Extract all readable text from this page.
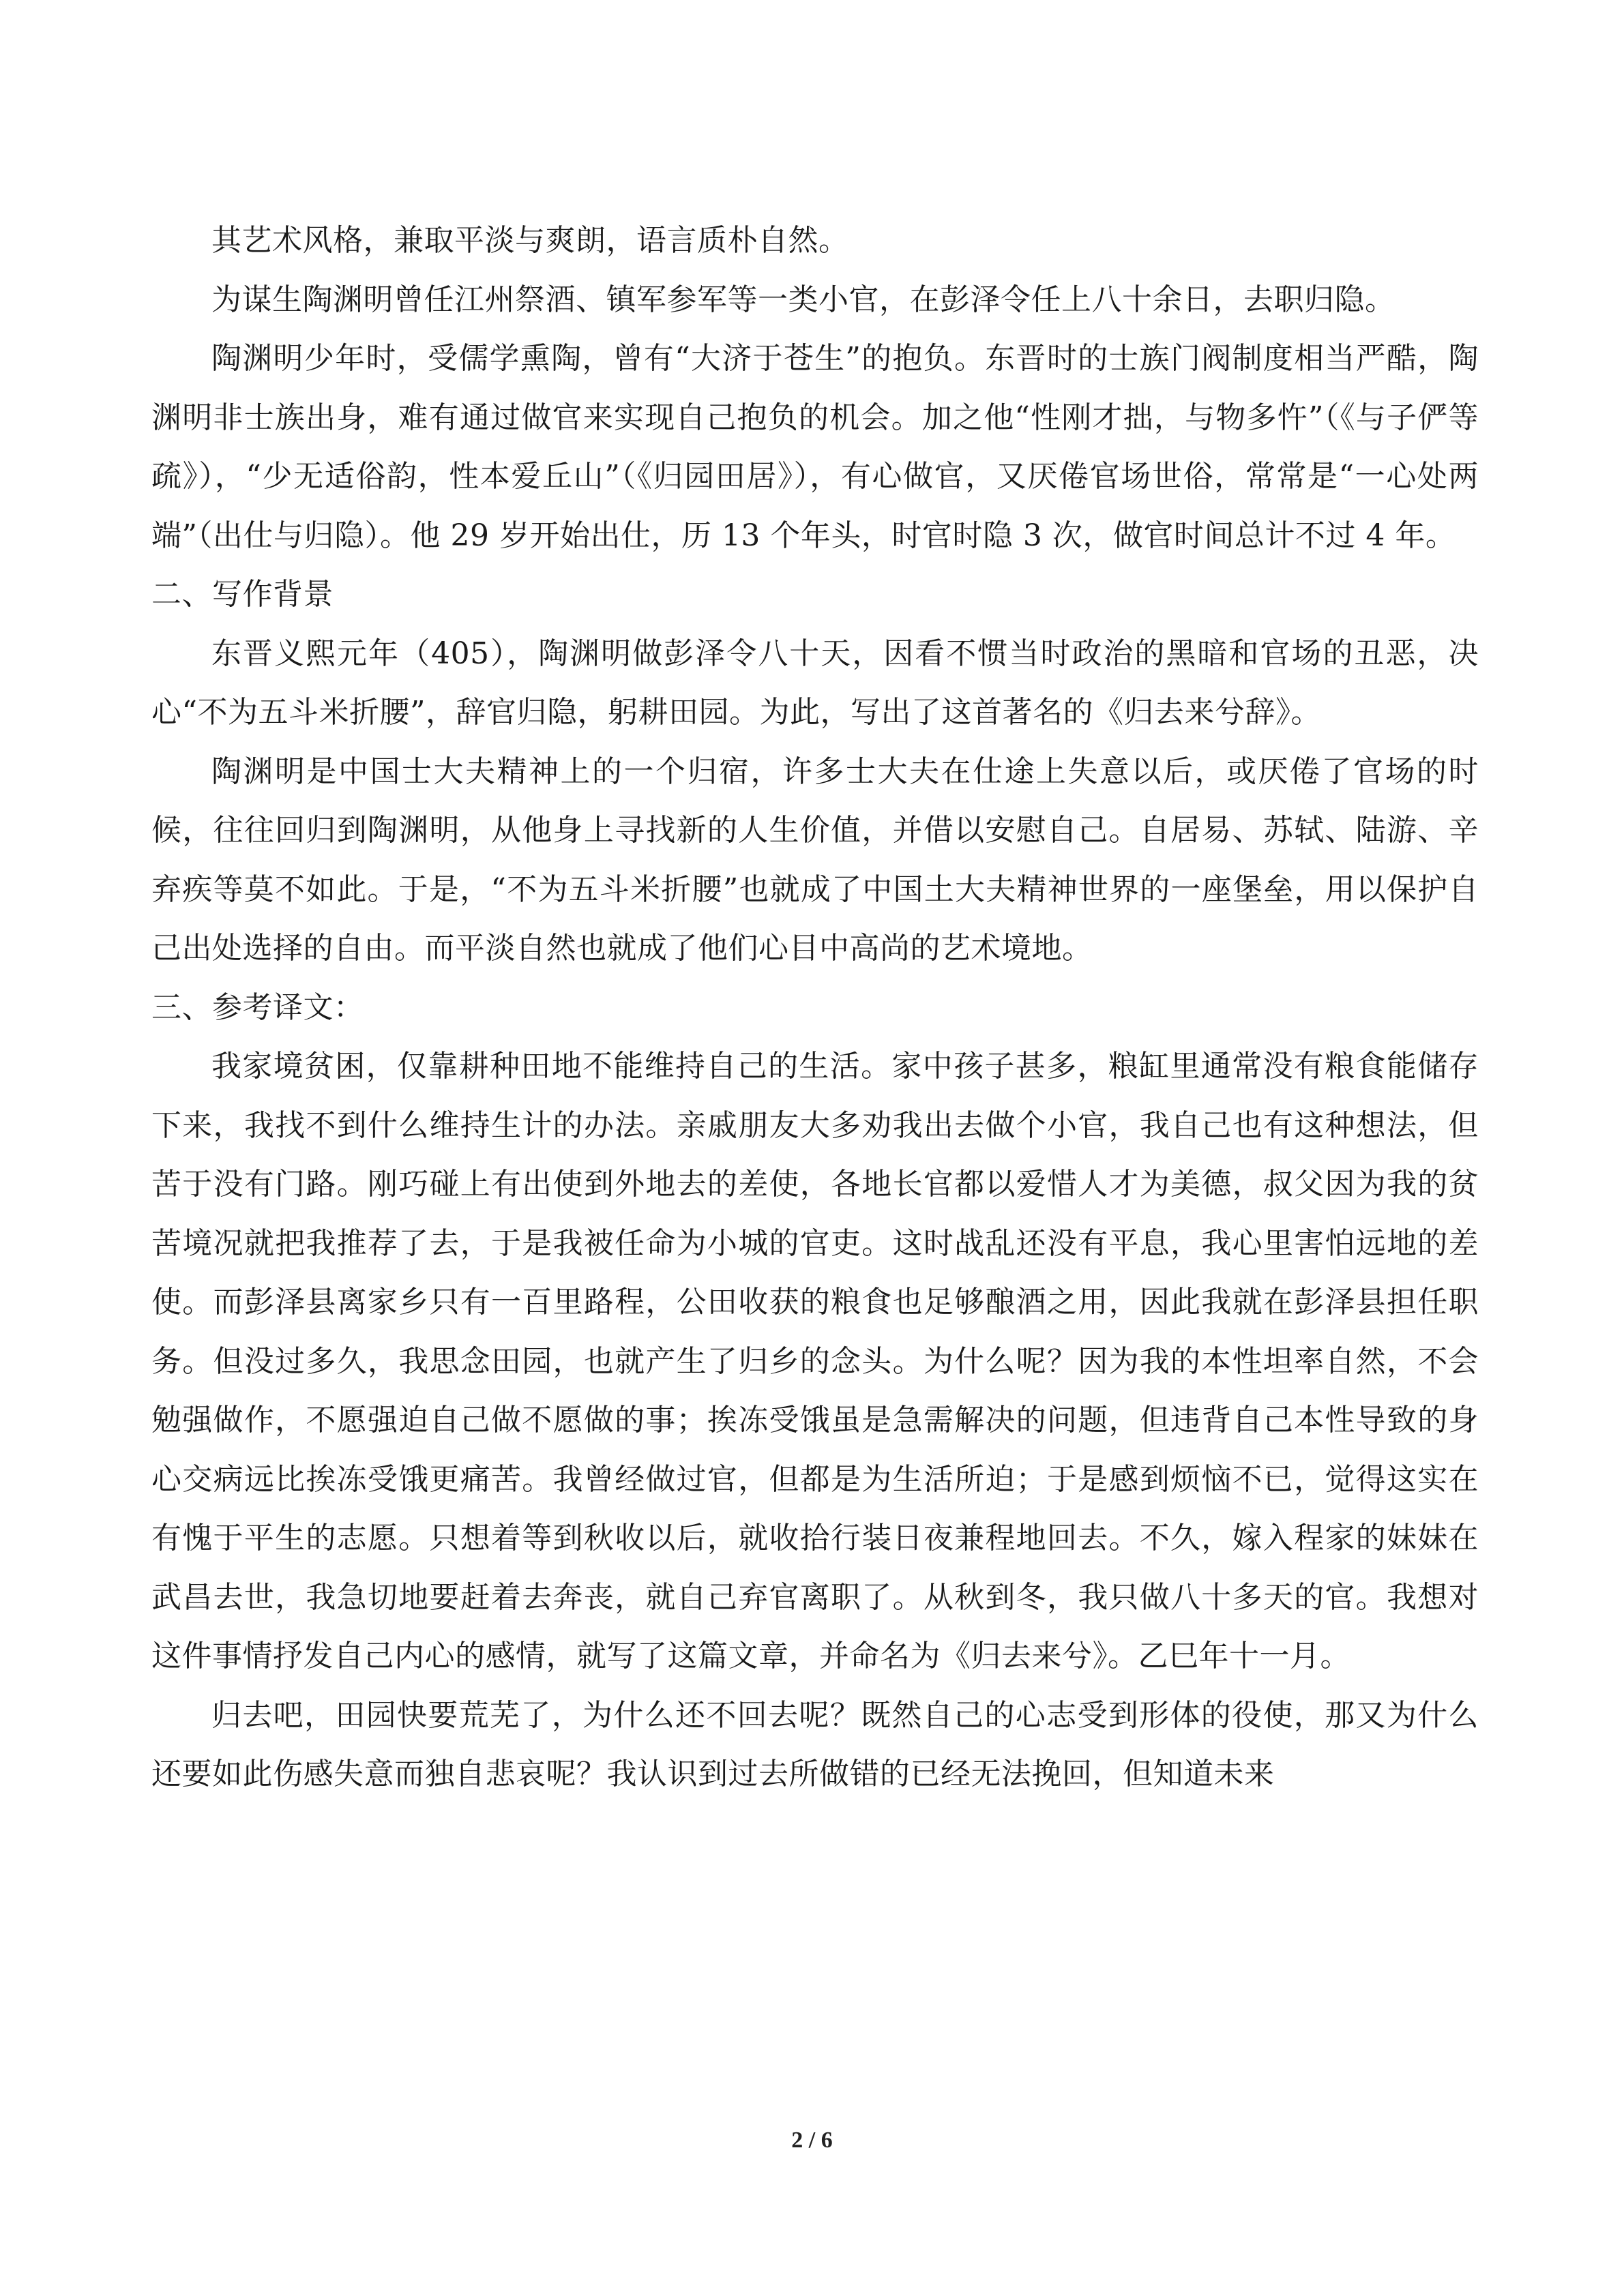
其艺术风格，兼取平淡与爽朗，语言质朴自然。

为谋生陶渊明曾任江州祭酒、镇军参军等一类小官，在彭泽令任上八十余日，去职归隐。

陶渊明少年时，受儒学熏陶，曾有“大济于苍生”的抱负。东晋时的士族门阀制度相当严酷，陶渊明非士族出身，难有通过做官来实现自己抱负的机会。加之他“性刚才拙，与物多忤”（《与子俨等疏》），“少无适俗韵，性本爱丘山”（《归园田居》），有心做官，又厌倦官场世俗，常常是“一心处两端”（出仕与归隐）。他 29 岁开始出仕，历 13 个年头，时官时隐 3 次，做官时间总计不过 4 年。

二、写作背景

东晋义熙元年（405），陶渊明做彭泽令八十天，因看不惯当时政治的黑暗和官场的丑恶，决心“不为五斗米折腰”，辞官归隐，躬耕田园。为此，写出了这首著名的《归去来兮辞》。

陶渊明是中国士大夫精神上的一个归宿，许多士大夫在仕途上失意以后，或厌倦了官场的时候，往往回归到陶渊明，从他身上寻找新的人生价值，并借以安慰自己。自居易、苏轼、陆游、辛弃疾等莫不如此。于是，“不为五斗米折腰”也就成了中国土大夫精神世界的一座堡垒，用以保护自己出处选择的自由。而平淡自然也就成了他们心目中高尚的艺术境地。

三、参考译文：

我家境贫困，仅靠耕种田地不能维持自己的生活。家中孩子甚多，粮缸里通常没有粮食能储存下来，我找不到什么维持生计的办法。亲戚朋友大多劝我出去做个小官，我自己也有这种想法，但苦于没有门路。刚巧碰上有出使到外地去的差使，各地长官都以爱惜人才为美德，叔父因为我的贫苦境况就把我推荐了去，于是我被任命为小城的官吏。这时战乱还没有平息，我心里害怕远地的差使。而彭泽县离家乡只有一百里路程，公田收获的粮食也足够酿酒之用，因此我就在彭泽县担任职务。但没过多久，我思念田园，也就产生了归乡的念头。为什么呢？因为我的本性坦率自然，不会勉强做作，不愿强迫自己做不愿做的事；挨冻受饿虽是急需解决的问题，但违背自己本性导致的身心交病远比挨冻受饿更痛苦。我曾经做过官，但都是为生活所迫；于是感到烦恼不已，觉得这实在有愧于平生的志愿。只想着等到秋收以后，就收拾行装日夜兼程地回去。不久，嫁入程家的妹妹在武昌去世，我急切地要赶着去奔丧，就自己弃官离职了。从秋到冬，我只做八十多天的官。我想对这件事情抒发自己内心的感情，就写了这篇文章，并命名为《归去来兮》。乙巳年十一月。

归去吧，田园快要荒芜了，为什么还不回去呢？既然自己的心志受到形体的役使，那又为什么还要如此伤感失意而独自悲哀呢？我认识到过去所做错的已经无法挽回，但知道未来

2 / 6
